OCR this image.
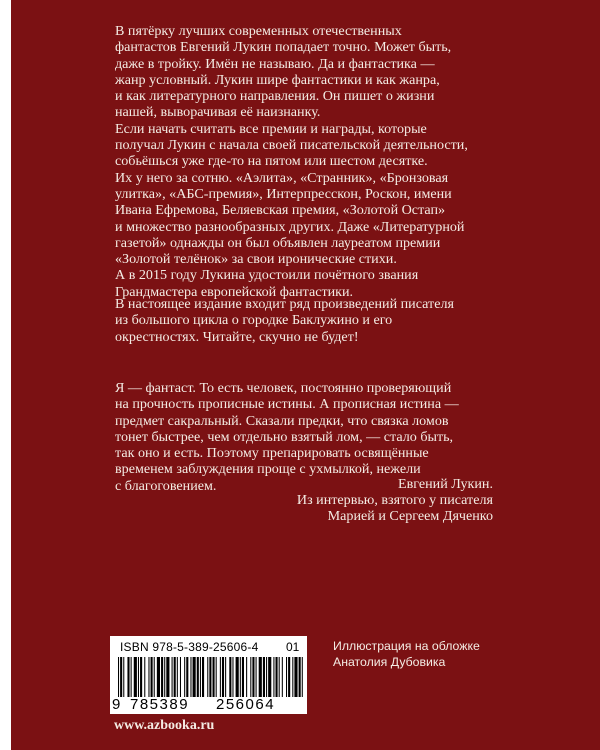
В пятёрку лучших современных отечественных
фантастов Евгений Лукин попадает точно. Может быть,
даже в тройку. Имён не называю. Да и фантастика —
жанр условный. Лукин шире фантастики и как жанра,
и как литературного направления. Он пишет о жизни
нашей, выворачивая её наизнанку.
Если начать считать все премии и награды, которые
получал Лукин с начала своей писательской деятельности,
собьёшься уже где-то на пятом или шестом десятке.
Их у него за сотню. «Аэлита», «Странник», «Бронзовая
улитка», «АБС-премия», Интерпресскон, Роскон, имени
Ивана Ефремова, Беляевская премия, «Золотой Остап»
и множество разнообразных других. Даже «Литературной
газетой» однажды он был объявлен лауреатом премии
«Золотой телёнок» за свои иронические стихи.
А в 2015 году Лукина удостоили почётного звания
Грандмастера европейской фантастики.

В настоящее издание входит ряд произведений писателя
из большого цикла о городке Баклужино и его
окрестностях. Читайте, скучно не будет!

Я — фантаст. То есть человек, постоянно проверяющий
на прочность прописные истины. А прописная истина —
предмет сакральный. Сказали предки, что связка ломов
тонет быстрее, чем отдельно взятый лом, — стало быть,
так оно и есть. Поэтому препарировать освящённые
временем заблуждения проще с ухмылкой, нежели
с благоговением.	Евгений Лукин.

Из интервью, взятого у писателя
Марией и Сергеем Дяченко

ISBN 978-5-389-25606-4 01
9 785389 256064

Иллюстрация на обложке
Анатолия Дубовика

www.azbooka.ru
